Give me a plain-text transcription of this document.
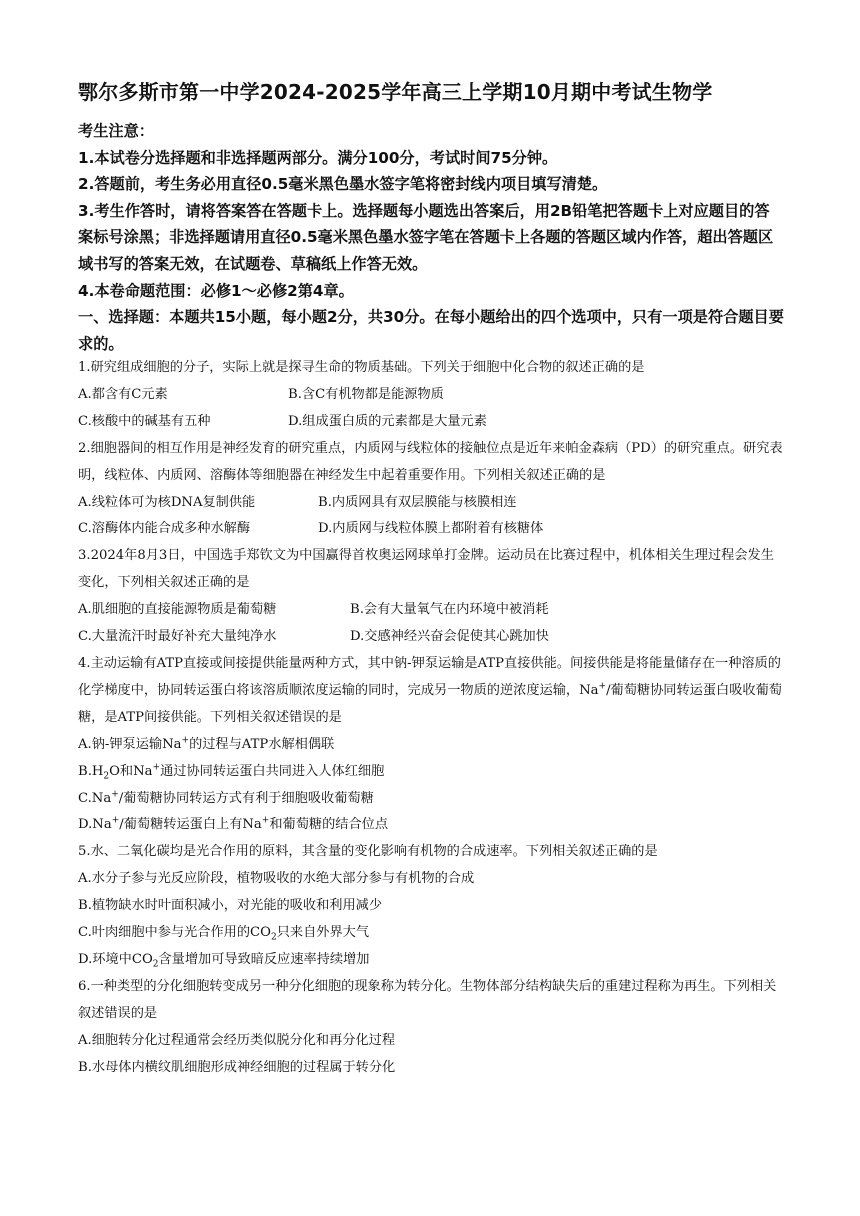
鄂尔多斯市第一中学2024-2025学年高三上学期10月期中考试生物学

考生注意：

1.本试卷分选择题和非选择题两部分。满分100分，考试时间75分钟。

2.答题前，考生务必用直径0.5毫米黑色墨水签字笔将密封线内项目填写清楚。

3.考生作答时，请将答案答在答题卡上。选择题每小题选出答案后，用2B铅笔把答题卡上对应题目的答案标号涂黑；非选择题请用直径0.5毫米黑色墨水签字笔在答题卡上各题的答题区域内作答，超出答题区域书写的答案无效，在试题卷、草稿纸上作答无效。

4.本卷命题范围：必修1～必修2第4章。

一、选择题：本题共15小题，每小题2分，共30分。在每小题给出的四个选项中，只有一项是符合题目要求的。

1.研究组成细胞的分子，实际上就是探寻生命的物质基础。下列关于细胞中化合物的叙述正确的是

A.都含有C元素	B.含C有机物都是能源物质
C.核酸中的碱基有五种	D.组成蛋白质的元素都是大量元素

2.细胞器间的相互作用是神经发育的研究重点，内质网与线粒体的接触位点是近年来帕金森病（PD）的研究重点。研究表明，线粒体、内质网、溶酶体等细胞器在神经发生中起着重要作用。下列相关叙述正确的是

A.线粒体可为核DNA复制供能	B.内质网具有双层膜能与核膜相连
C.溶酶体内能合成多种水解酶	D.内质网与线粒体膜上都附着有核糖体

3.2024年8月3日，中国选手郑钦文为中国赢得首枚奥运网球单打金牌。运动员在比赛过程中，机体相关生理过程会发生变化，下列相关叙述正确的是

A.肌细胞的直接能源物质是葡萄糖	B.会有大量氧气在内环境中被消耗
C.大量流汗时最好补充大量纯净水	D.交感神经兴奋会促使其心跳加快

4.主动运输有ATP直接或间接提供能量两种方式，其中钠-钾泵运输是ATP直接供能。间接供能是将能量储存在一种溶质的化学梯度中，协同转运蛋白将该溶质顺浓度运输的同时，完成另一物质的逆浓度运输，Na+/葡萄糖协同转运蛋白吸收葡萄糖，是ATP间接供能。下列相关叙述错误的是

A.钠-钾泵运输Na+的过程与ATP水解相偶联

$B.H_2O$和Na+通过协同转运蛋白共同进入人体红细胞

C.Na+/葡萄糖协同转运方式有利于细胞吸收葡萄糖

D.Na+/葡萄糖转运蛋白上有Na+和葡萄糖的结合位点

5.水、二氧化碳均是光合作用的原料，其含量的变化影响有机物的合成速率。下列相关叙述正确的是

A.水分子参与光反应阶段，植物吸收的水绝大部分参与有机物的合成

B.植物缺水时叶面积减小，对光能的吸收和利用减少

C.叶肉细胞中参与光合作用的$CO_2$只来自外界大气

D.环境中$CO_2$含量增加可导致暗反应速率持续增加

6.一种类型的分化细胞转变成另一种分化细胞的现象称为转分化。生物体部分结构缺失后的重建过程称为再生。下列相关叙述错误的是

A.细胞转分化过程通常会经历类似脱分化和再分化过程

B.水母体内横纹肌细胞形成神经细胞的过程属于转分化
